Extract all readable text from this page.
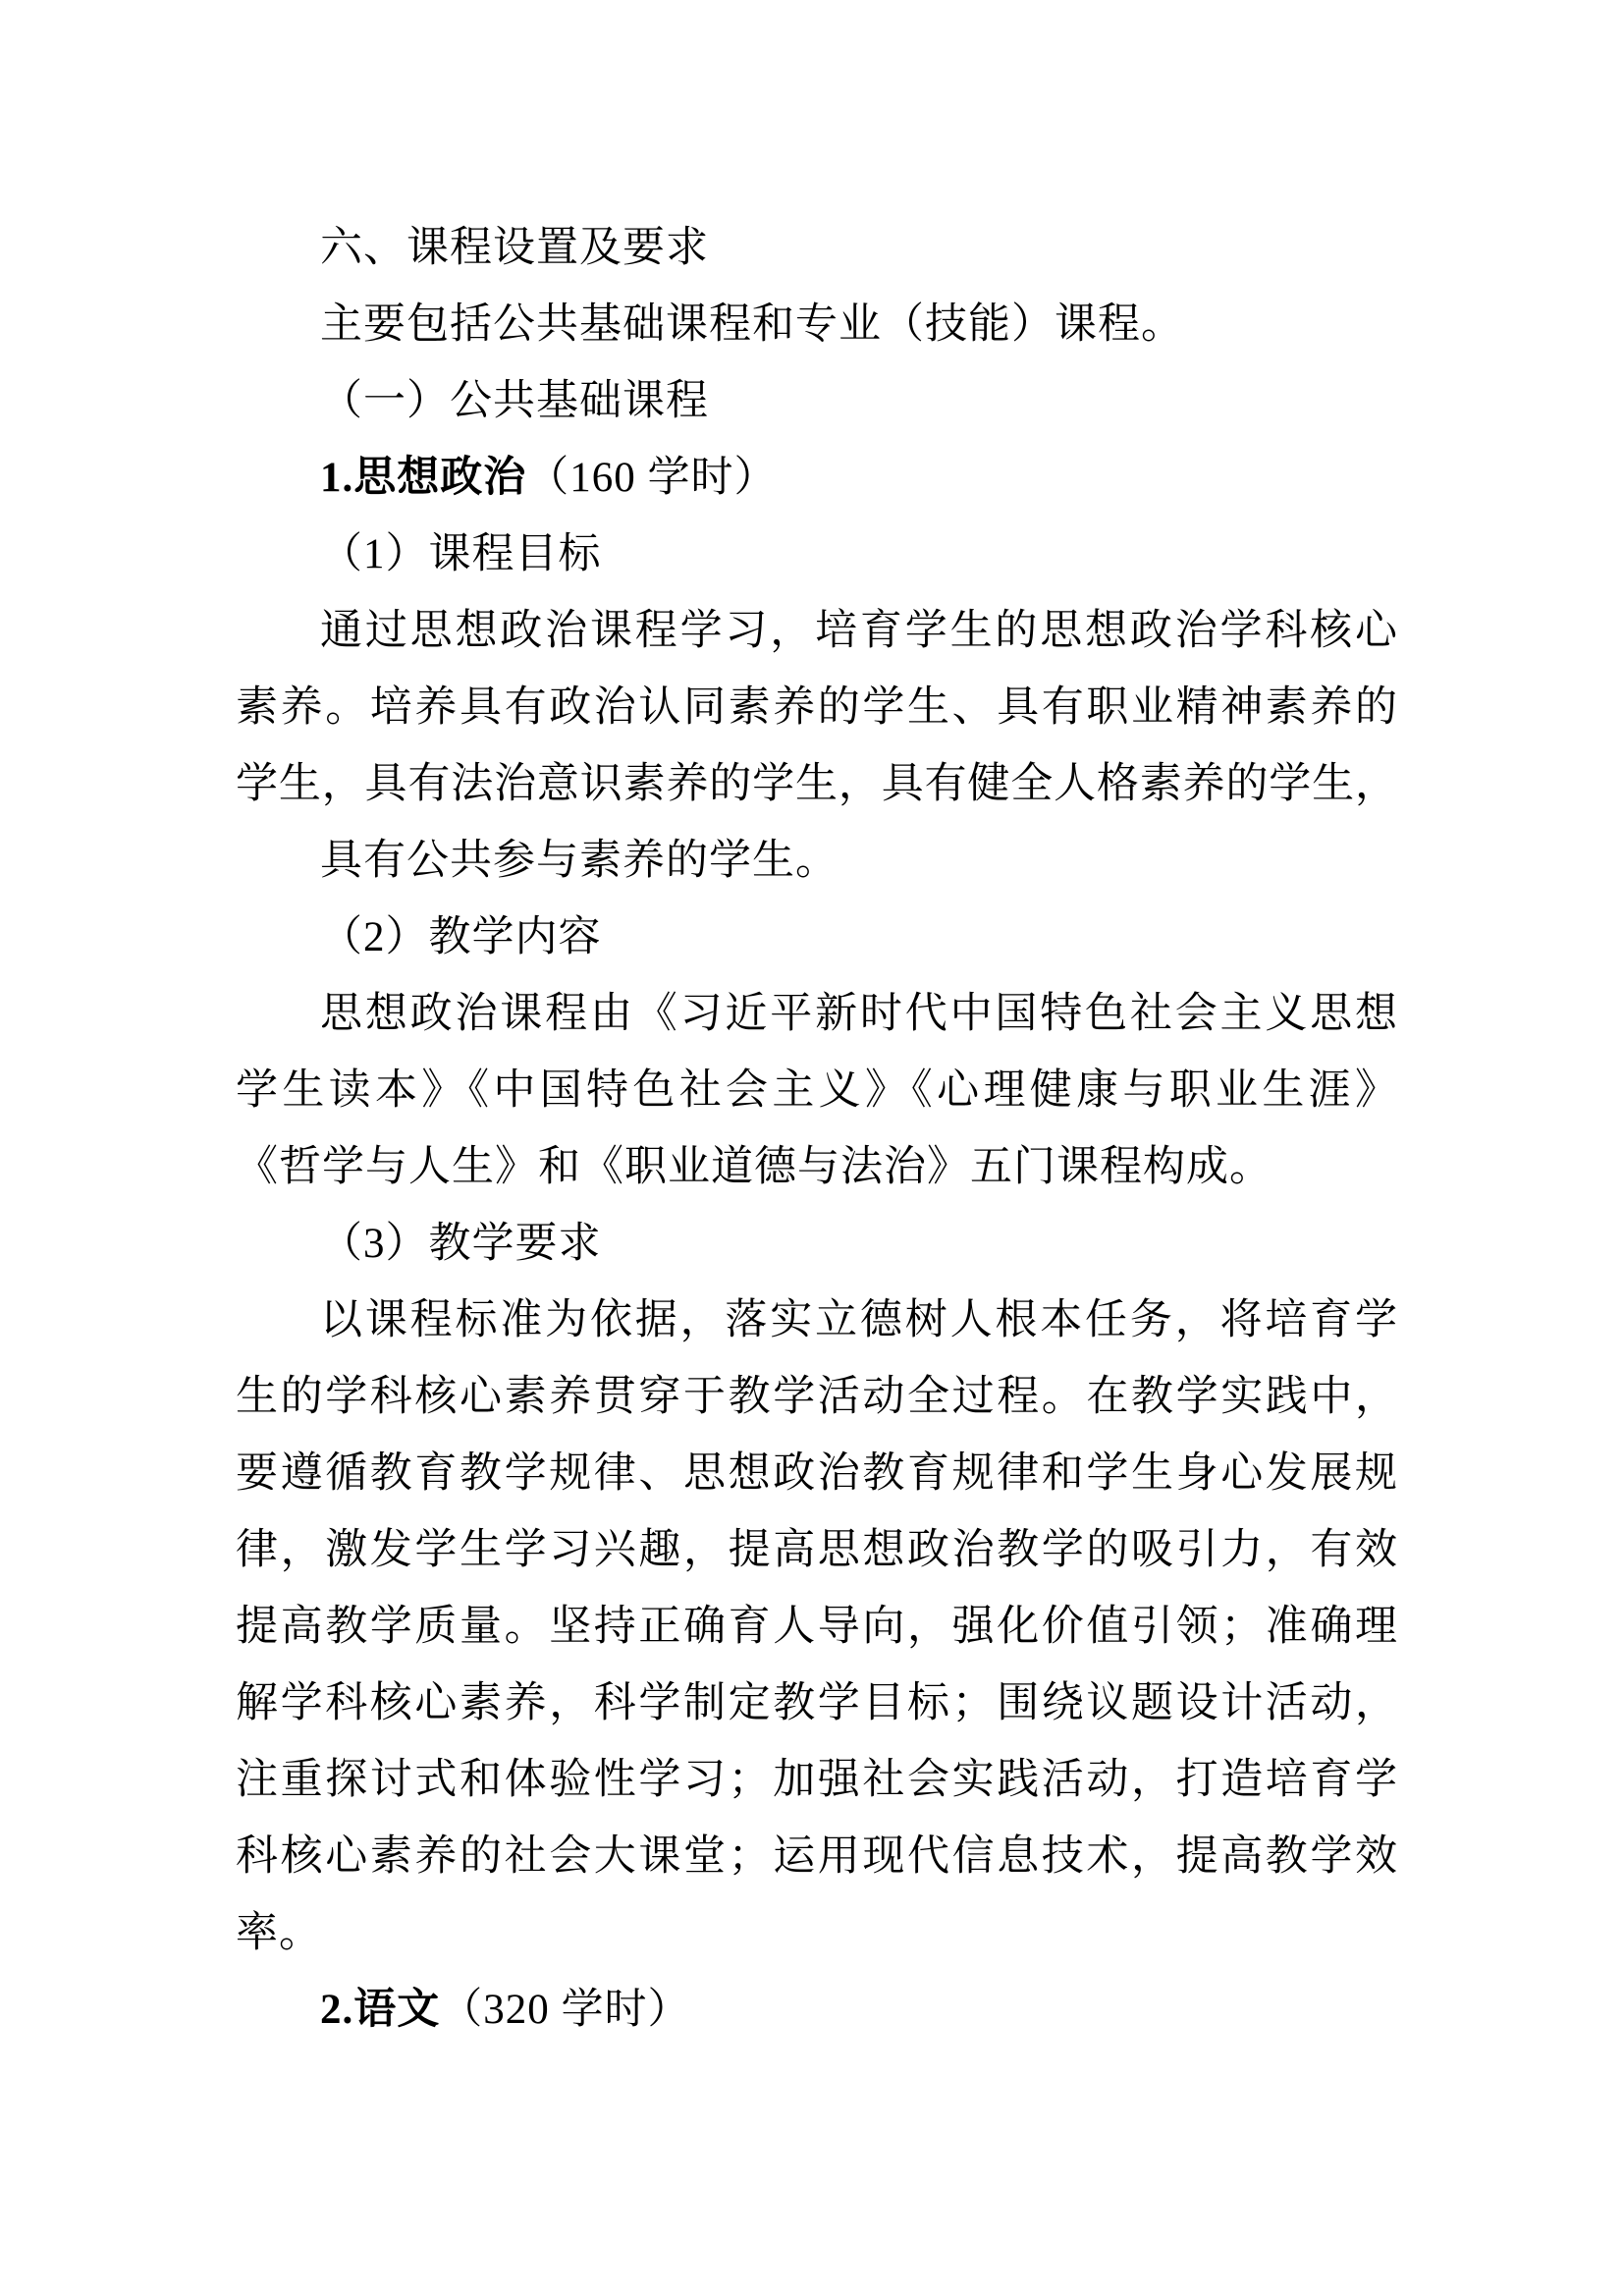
六、课程设置及要求
主要包括公共基础课程和专业（技能）课程。
（一）公共基础课程
1.思想政治（160 学时）
（1）课程目标
通过思想政治课程学习，培育学生的思想政治学科核心
素养。培养具有政治认同素养的学生、具有职业精神素养的
学生，具有法治意识素养的学生，具有健全人格素养的学生，
具有公共参与素养的学生。
（2）教学内容
思想政治课程由《习近平新时代中国特色社会主义思想
学生读本》《中国特色社会主义》《心理健康与职业生涯》
《哲学与人生》和《职业道德与法治》五门课程构成。
（3）教学要求
以课程标准为依据，落实立德树人根本任务，将培育学
生的学科核心素养贯穿于教学活动全过程。在教学实践中，
要遵循教育教学规律、思想政治教育规律和学生身心发展规
律，激发学生学习兴趣，提高思想政治教学的吸引力，有效
提高教学质量。坚持正确育人导向，强化价值引领；准确理
解学科核心素养，科学制定教学目标；围绕议题设计活动，
注重探讨式和体验性学习；加强社会实践活动，打造培育学
科核心素养的社会大课堂；运用现代信息技术，提高教学效
率。
2.语文（320 学时）
